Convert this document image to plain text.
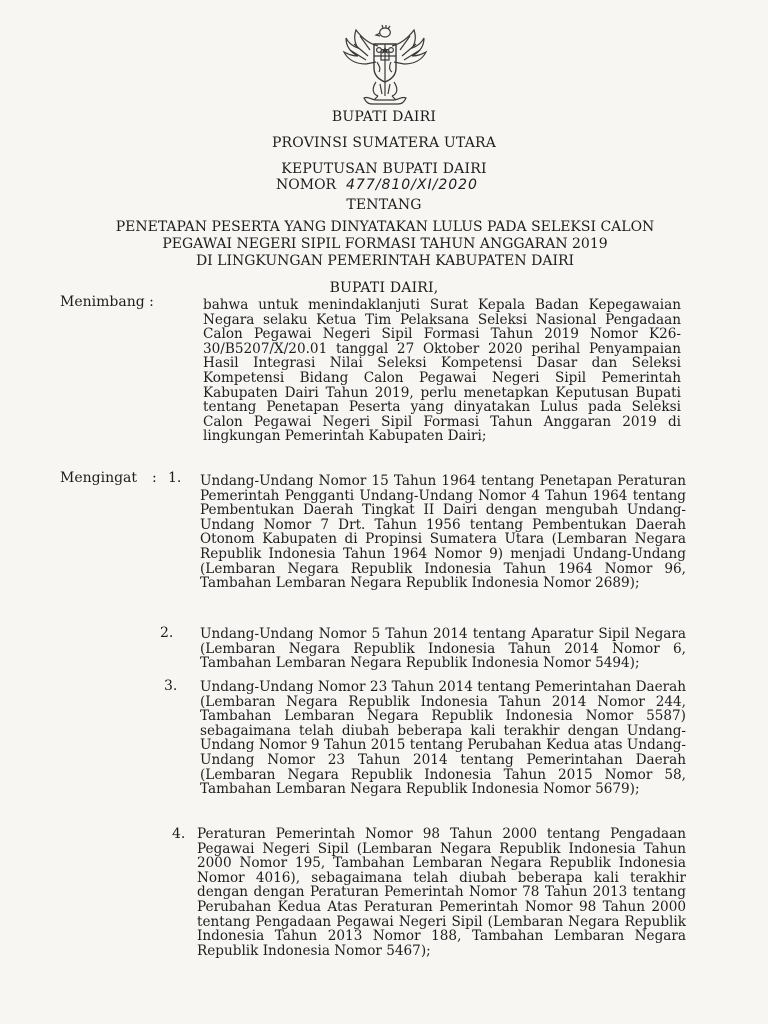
BUPATI DAIRI
PROVINSI SUMATERA UTARA
KEPUTUSAN BUPATI DAIRI
NOMOR 477/810/XI/2020
TENTANG
PENETAPAN PESERTA YANG DINYATAKAN LULUS PADA SELEKSI CALON
PEGAWAI NEGERI SIPIL FORMASI TAHUN ANGGARAN 2019
DI LINGKUNGAN PEMERINTAH KABUPATEN DAIRI
BUPATI DAIRI,
Menimbang :	bahwa untuk menindaklanjuti Surat Kepala Badan Kepegawaian Negara selaku Ketua Tim Pelaksana Seleksi Nasional Pengadaan Calon Pegawai Negeri Sipil Formasi Tahun 2019 Nomor K26-30/B5207/X/20.01 tanggal 27 Oktober 2020 perihal Penyampaian Hasil Integrasi Nilai Seleksi Kompetensi Dasar dan Seleksi Kompetensi Bidang Calon Pegawai Negeri Sipil Pemerintah Kabupaten Dairi Tahun 2019, perlu menetapkan Keputusan Bupati tentang Penetapan Peserta yang dinyatakan Lulus pada Seleksi Calon Pegawai Negeri Sipil Formasi Tahun Anggaran 2019 di lingkungan Pemerintah Kabupaten Dairi;
Mengingat : 1. Undang-Undang Nomor 15 Tahun 1964 tentang Penetapan Peraturan Pemerintah Pengganti Undang-Undang Nomor 4 Tahun 1964 tentang Pembentukan Daerah Tingkat II Dairi dengan mengubah Undang-Undang Nomor 7 Drt. Tahun 1956 tentang Pembentukan Daerah Otonom Kabupaten di Propinsi Sumatera Utara (Lembaran Negara Republik Indonesia Tahun 1964 Nomor 9) menjadi Undang-Undang (Lembaran Negara Republik Indonesia Tahun 1964 Nomor 96, Tambahan Lembaran Negara Republik Indonesia Nomor 2689);
2. Undang-Undang Nomor 5 Tahun 2014 tentang Aparatur Sipil Negara (Lembaran Negara Republik Indonesia Tahun 2014 Nomor 6, Tambahan Lembaran Negara Republik Indonesia Nomor 5494);
3. Undang-Undang Nomor 23 Tahun 2014 tentang Pemerintahan Daerah (Lembaran Negara Republik Indonesia Tahun 2014 Nomor 244, Tambahan Lembaran Negara Republik Indonesia Nomor 5587) sebagaimana telah diubah beberapa kali terakhir dengan Undang-Undang Nomor 9 Tahun 2015 tentang Perubahan Kedua atas Undang-Undang Nomor 23 Tahun 2014 tentang Pemerintahan Daerah (Lembaran Negara Republik Indonesia Tahun 2015 Nomor 58, Tambahan Lembaran Negara Republik Indonesia Nomor 5679);
4. Peraturan Pemerintah Nomor 98 Tahun 2000 tentang Pengadaan Pegawai Negeri Sipil (Lembaran Negara Republik Indonesia Tahun 2000 Nomor 195, Tambahan Lembaran Negara Republik Indonesia Nomor 4016), sebagaimana telah diubah beberapa kali terakhir dengan dengan Peraturan Pemerintah Nomor 78 Tahun 2013 tentang Perubahan Kedua Atas Peraturan Pemerintah Nomor 98 Tahun 2000 tentang Pengadaan Pegawai Negeri Sipil (Lembaran Negara Republik Indonesia Tahun 2013 Nomor 188, Tambahan Lembaran Negara Republik Indonesia Nomor 5467);
